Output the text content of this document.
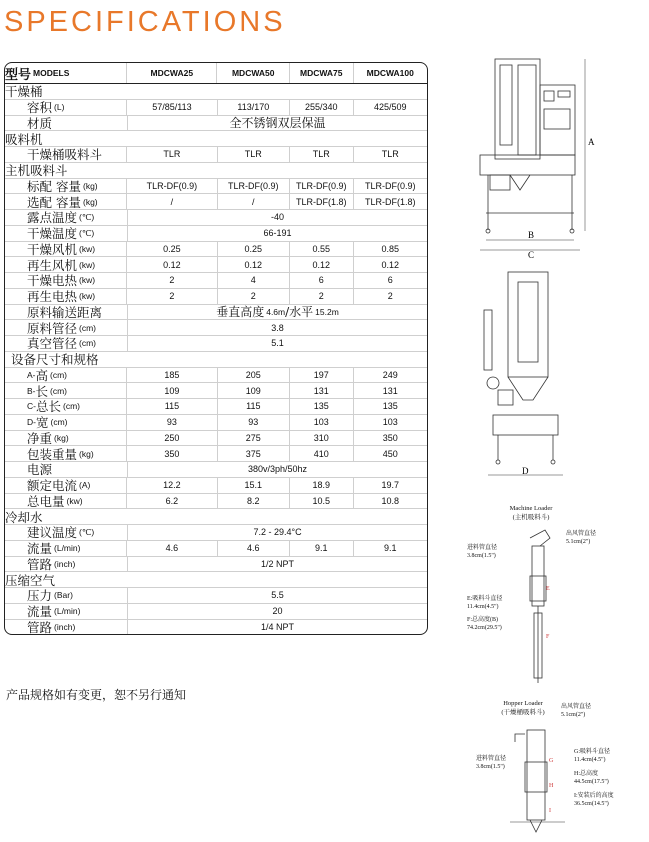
SPECIFICATIONS
型号 MODELS	MDCWA25	MDCWA50	MDCWA75	MDCWA100
干燥桶
容积 (L)	57/85/113	113/170	255/340	425/509
材质	全不锈钢双层保温
吸料机
干燥桶吸料斗	TLR	TLR	TLR	TLR
主机吸料斗
标配 容量 (kg)	TLR-DF(0.9)	TLR-DF(0.9)	TLR-DF(0.9)	TLR-DF(0.9)
选配 容量 (kg)	/	/	TLR-DF(1.8)	TLR-DF(1.8)
露点温度 (℃)	-40
干燥温度 (℃)	66-191
干燥风机 (kw)	0.25	0.25	0.55	0.85
再生风机 (kw)	0.12	0.12	0.12	0.12
干燥电热 (kw)	2	4	6	6
再生电热 (kw)	2	2	2	2
原料输送距离	垂直高度 4.6m /水平 15.2m
原料管径 (cm)	3.8
真空管径 (cm)	5.1
设备尺寸和规格
A- 高 (cm)	185	205	197	249
B- 长 (cm)	109	109	131	131
C- 总长 (cm)	115	115	135	135
D- 宽 (cm)	93	93	103	103
净重 (kg)	250	275	310	350
包装重量 (kg)	350	375	410	450
电源	380v/3ph/50hz
额定电流 (A)	12.2	15.1	18.9	19.7
总电量 (kw)	6.2	8.2	10.5	10.8
冷却水
建议温度 (℃)	7.2 - 29.4°C
流量 (L/min)	4.6	4.6	9.1	9.1
管路 (inch)	1/2 NPT
压缩空气
压力 (Bar)	5.5
流量 (L/min)	20
管路 (inch)	1/4 NPT
产品规格如有变更，恕不另行通知
A
B
C
D
Machine Loader
(主机吸料斗)
E
F
出风管直径
5.1cm(2")
进料管直径
3.8cm(1.5")
E:吸料斗直径
11.4cm(4.5")
F:总高度(B)
74.2cm(29.5")
Hopper Loader
(干燥桶吸料斗)
G
H
I
出风管直径
5.1cm(2")
进料管直径
3.8cm(1.5")
G:吸料斗直径
11.4cm(4.5")
H:总高度
44.5cm(17.5")
I:安装后的高度
36.5cm(14.5")
